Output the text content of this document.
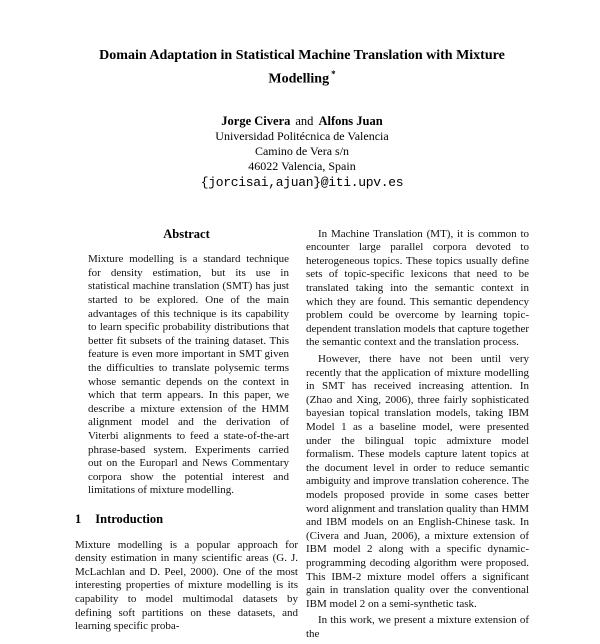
Domain Adaptation in Statistical Machine Translation with Mixture
Modelling *
Jorge Civera and Alfons Juan
Universidad Politécnica de Valencia
Camino de Vera s/n
46022 Valencia, Spain
{jorcisai,ajuan}@iti.upv.es
Abstract

Mixture modelling is a standard technique for density estimation, but its use in statistical machine translation (SMT) has just started to be explored. One of the main advantages of this technique is its capability to learn specific probability distributions that better fit subsets of the training dataset. This feature is even more important in SMT given the difficulties to translate polysemic terms whose semantic depends on the context in which that term appears. In this paper, we describe a mixture extension of the HMM alignment model and the derivation of Viterbi alignments to feed a state-of-the-art phrase-based system. Experiments carried out on the Europarl and News Commentary corpora show the potential interest and limitations of mixture modelling.

1 Introduction

Mixture modelling is a popular approach for density estimation in many scientific areas (G. J. McLachlan and D. Peel, 2000). One of the most interesting properties of mixture modelling is its capability to model multimodal datasets by defining soft partitions on these datasets, and learning specific proba-

In Machine Translation (MT), it is common to encounter large parallel corpora devoted to heterogeneous topics. These topics usually define sets of topic-specific lexicons that need to be translated taking into the semantic context in which they are found. This semantic dependency problem could be overcome by learning topic-dependent translation models that capture together the semantic context and the translation process.

However, there have not been until very recently that the application of mixture modelling in SMT has received increasing attention. In (Zhao and Xing, 2006), three fairly sophisticated bayesian topical translation models, taking IBM Model 1 as a baseline model, were presented under the bilingual topic admixture model formalism. These models capture latent topics at the document level in order to reduce semantic ambiguity and improve translation coherence. The models proposed provide in some cases better word alignment and translation quality than HMM and IBM models on an English-Chinese task. In (Civera and Juan, 2006), a mixture extension of IBM model 2 along with a specific dynamic-programming decoding algorithm were proposed. This IBM-2 mixture model offers a significant gain in translation quality over the conventional IBM model 2 on a semi-synthetic task.

In this work, we present a mixture extension of the
